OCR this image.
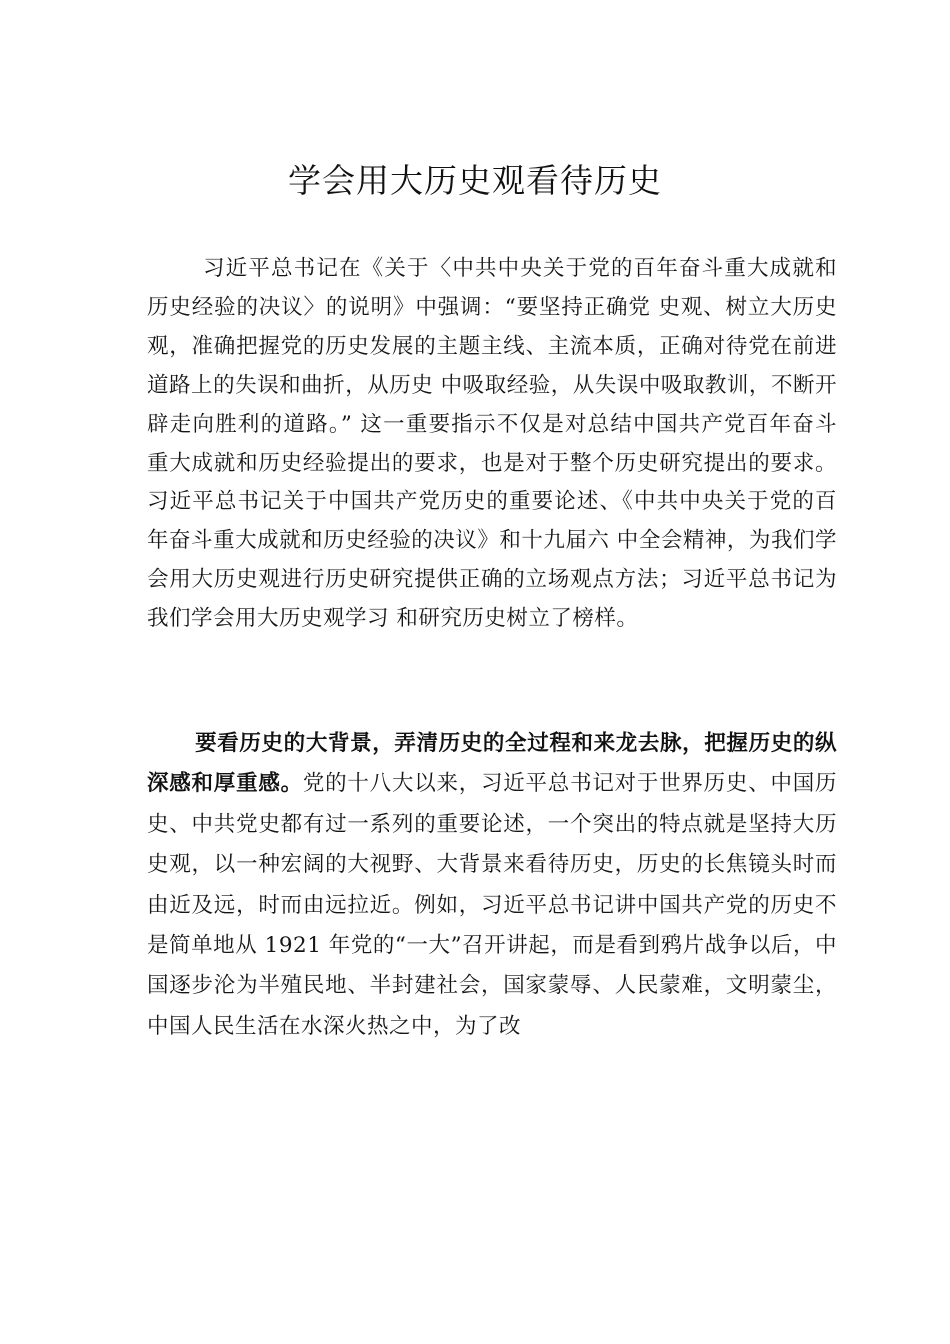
学会用大历史观看待历史
习近平总书记在《关于〈中共中央关于党的百年奋斗重大成就和历史经验的决议〉的说明》中强调：“要坚持正确党 史观、树立大历史观，准确把握党的历史发展的主题主线、主流本质，正确对待党在前进道路上的失误和曲折，从历史 中吸取经验，从失误中吸取教训，不断开辟走向胜利的道路。” 这一重要指示不仅是对总结中国共产党百年奋斗重大成就和历史经验提出的要求，也是对于整个历史研究提出的要求。习近平总书记关于中国共产党历史的重要论述、《中共中央关于党的百年奋斗重大成就和历史经验的决议》和十九届六 中全会精神，为我们学会用大历史观进行历史研究提供正确的立场观点方法；习近平总书记为我们学会用大历史观学习 和研究历史树立了榜样。
要看历史的大背景，弄清历史的全过程和来龙去脉，把握历史的纵深感和厚重感。党的十八大以来，习近平总书记对于世界历史、中国历史、中共党史都有过一系列的重要论述，一个突出的特点就是坚持大历史观，以一种宏阔的大视野、大背景来看待历史，历史的长焦镜头时而由近及远，时而由远拉近。例如，习近平总书记讲中国共产党的历史不是简单地从 1921 年党的“一大”召开讲起，而是看到鸦片战争以后，中国逐步沦为半殖民地、半封建社会，国家蒙辱、人民蒙难，文明蒙尘，中国人民生活在水深火热之中，为了改
